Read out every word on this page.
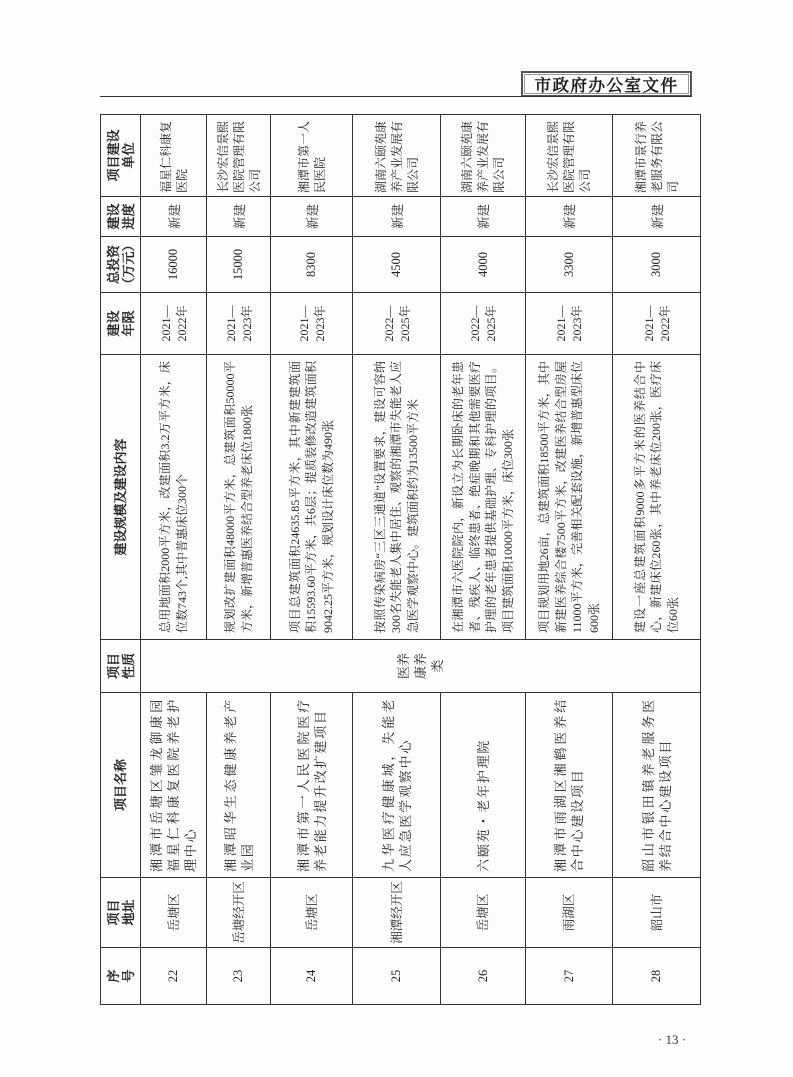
市政府办公室文件
序号	项目地址	项目名称	项目性质	建设规模及建设内容	建设年限	总投资（万元）	建设进度	项目建设单位
22	岳塘区	湘潭市岳塘区雏龙御康园福星仁科康复医院养老护理中心	医养康养类	总用地面积2000平方米，改建面积3.2万平方米，床位数743个,其中普惠床位300个	2021—2022年	16000	新建	福星仁科康复医院
23	岳塘经开区	湘潭昭华生态健康养老产业园		规划改扩建面积48000平方米，总建筑面积50000平方米，新增普惠医养结合型养老床位1800张	2021—2023年	15000	新建	长沙宏信景熙医院管理有限公司
24	岳塘区	湘潭市第一人民医院医疗养老能力提升改扩建项目		项目总建筑面积24635.85平方米，其中新建建筑面积15593.60平方米，共6层；提质装修改造建筑面积9042.25平方米，规划设计床位数为490张	2021—2023年	8300	新建	湘潭市第一人民医院
25	湘潭经开区	九华医疗健康城，失能老人应急医学观察中心		按照传染病房“三区三通道”设置要求，建设可容纳300名失能老人集中居住、观察的湘潭市失能老人应急医学观察中心。建筑面积约为13500平方米	2022—2025年	4500	新建	湖南六颐苑康养产业发展有限公司
26	岳塘区	六颐苑・老年护理院		在湘潭市六医院院内，新设立为长期卧床的老年患者、残疾人、临终患者、绝症晚期和其他需要医疗护理的老年患者提供基础护理、专科护理的项目。项目建筑面积10000平方米，床位300张	2022—2025年	4000	新建	湖南六颐苑康养产业发展有限公司
27	雨湖区	湘潭市雨湖区湘鹤医养结合中心建设项目		项目规划用地26亩，总建筑面积18500平方米，其中新建医养综合楼7500平方米，改建医养结合型房屋11000平方米，完善相关配套设施，新增普惠型床位600张	2021—2023年	3300	新建	长沙宏信景熙医院管理有限公司
28	韶山市	韶山市银田镇养老服务医养结合中心建设项目		建设一座总建筑面积9000多平方米的医养结合中心，新建床位260张，其中养老床位200张，医疗床位60张	2021—2022年	3000	新建	湘潭市景行养老服务有限公司
· 13 ·
